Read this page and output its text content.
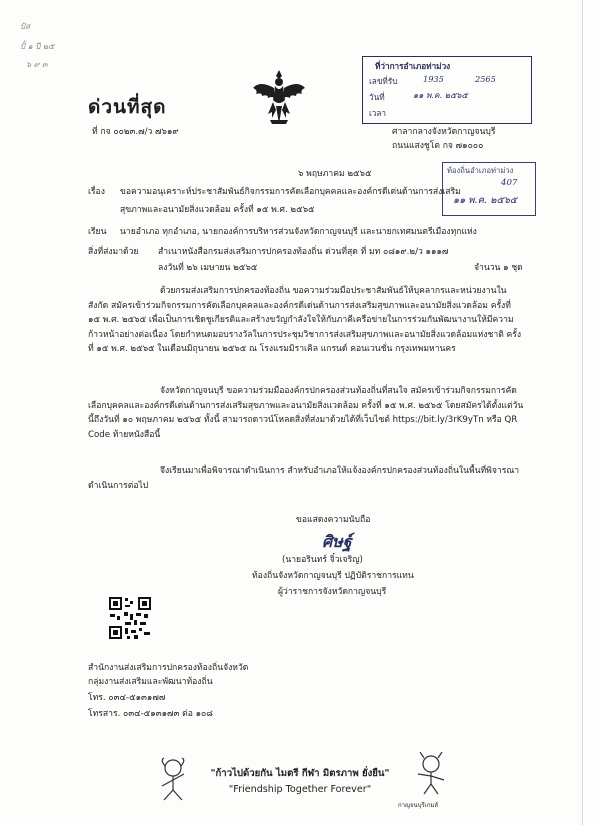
ปัส
ปั้ ๑ ปี ๒๕
๖ ๙ ๓
ด่วนที่สุด
ที่ กจ ๐๐๒๓.๗/ว ๗๖๑๙
ที่ว่าการอำเภอท่าม่วง
เลขที่รับ	1935	2565
วันที่	๑๑ พ.ค. ๒๕๖๕
เวลา
ศาลากลางจังหวัดกาญจนบุรี
ถนนแสงชูโต กจ ๗๑๐๐๐
๖ พฤษภาคม ๒๕๖๕	ท้องถิ่นอำเภอท่าม่วง
407
๑๑ พ.ค. ๒๕๖๕
เรื่อง ขอความอนุเคราะห์ประชาสัมพันธ์กิจกรรมการคัดเลือกบุคคลและองค์กรดีเด่นด้านการส่งเสริม
สุขภาพและอนามัยสิ่งแวดล้อม ครั้งที่ ๑๕ พ.ศ. ๒๕๖๕
เรียน นายอำเภอ ทุกอำเภอ, นายกองค์การบริหารส่วนจังหวัดกาญจนบุรี และนายกเทศมนตรีเมืองทุกแห่ง
สิ่งที่ส่งมาด้วย สำเนาหนังสือกรมส่งเสริมการปกครองท้องถิ่น ด่วนที่สุด ที่ มท ๐๘๑๙.๒/ว ๑๑๑๗
ลงวันที่ ๒๖ เมษายน ๒๕๖๕	จำนวน ๑ ชุด
ด้วยกรมส่งเสริมการปกครองท้องถิ่น ขอความร่วมมือประชาสัมพันธ์ให้บุคลากรและหน่วยงานในสังกัด สมัครเข้าร่วมกิจกรรมการคัดเลือกบุคคลและองค์กรดีเด่นด้านการส่งเสริมสุขภาพและอนามัยสิ่งแวดล้อม ครั้งที่ ๑๕ พ.ศ. ๒๕๖๕ เพื่อเป็นการเชิดชูเกียรติและสร้างขวัญกำลังใจให้กับภาคีเครือข่ายในการร่วมกันพัฒนางานให้มีความก้าวหน้าอย่างต่อเนื่อง โดยกำหนดมอบรางวัลในการประชุมวิชาการส่งเสริมสุขภาพและอนามัยสิ่งแวดล้อมแห่งชาติ ครั้งที่ ๑๕ พ.ศ. ๒๕๖๕ ในเดือนมิถุนายน ๒๕๖๕ ณ โรงแรมมิราเคิล แกรนด์ คอนเวนชั่น กรุงเทพมหานคร
จังหวัดกาญจนบุรี ขอความร่วมมือองค์กรปกครองส่วนท้องถิ่นที่สนใจ สมัครเข้าร่วมกิจกรรมการคัดเลือกบุคคลและองค์กรดีเด่นด้านการส่งเสริมสุขภาพและอนามัยสิ่งแวดล้อม ครั้งที่ ๑๕ พ.ศ. ๒๕๖๕ โดยสมัครได้ตั้งแต่วันนี้ถึงวันที่ ๑๐ พฤษภาคม ๒๕๖๕ ทั้งนี้ สามารถดาวน์โหลดสิ่งที่ส่งมาด้วยได้ที่เว็บไซต์ https://bit.ly/3rK9yTn หรือ QR Code ท้ายหนังสือนี้
จึงเรียนมาเพื่อพิจารณาดำเนินการ สำหรับอำเภอให้แจ้งองค์กรปกครองส่วนท้องถิ่นในพื้นที่พิจารณาดำเนินการต่อไป
ขอแสดงความนับถือ
ศิษฐ์
(นายอรินทร์ จิ๋วเจริญ)
ท้องถิ่นจังหวัดกาญจนบุรี ปฏิบัติราชการแทน
ผู้ว่าราชการจังหวัดกาญจนบุรี
สำนักงานส่งเสริมการปกครองท้องถิ่นจังหวัด
กลุ่มงานส่งเสริมและพัฒนาท้องถิ่น
โทร. ๐๓๔-๕๑๓๑๗๗
โทรสาร. ๐๓๔-๕๑๓๑๗๓ ต่อ ๑๐๘
กาญจนบุรีเกมส์
"ก้าวไปด้วยกัน ไมตรี กีฬา มิตรภาพ ยั่งยืน"
"Friendship Together Forever"
